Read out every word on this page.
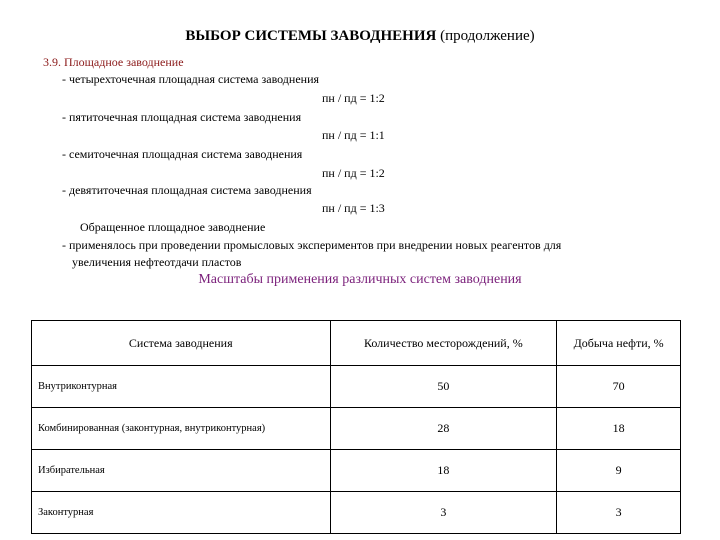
ВЫБОР СИСТЕМЫ ЗАВОДНЕНИЯ (продолжение)
3.9. Площадное заводнение
- четырехточечная площадная система заводнения
пн / пд = 1:2
- пятиточечная площадная система заводнения
пн / пд = 1:1
- семиточечная площадная система заводнения
пн / пд = 1:2
- девятиточечная площадная система заводнения
пн / пд = 1:3
Обращенное площадное заводнение
- применялось при проведении промысловых экспериментов при внедрении новых реагентов для
увеличения нефтеотдачи пластов
Масштабы применения различных систем заводнения
Система заводнения	Количество месторождений, %	Добыча нефти, %
Внутриконтурная	50	70
Комбинированная (законтурная, внутриконтурная)	28	18
Избирательная	18	9
Законтурная	3	3
